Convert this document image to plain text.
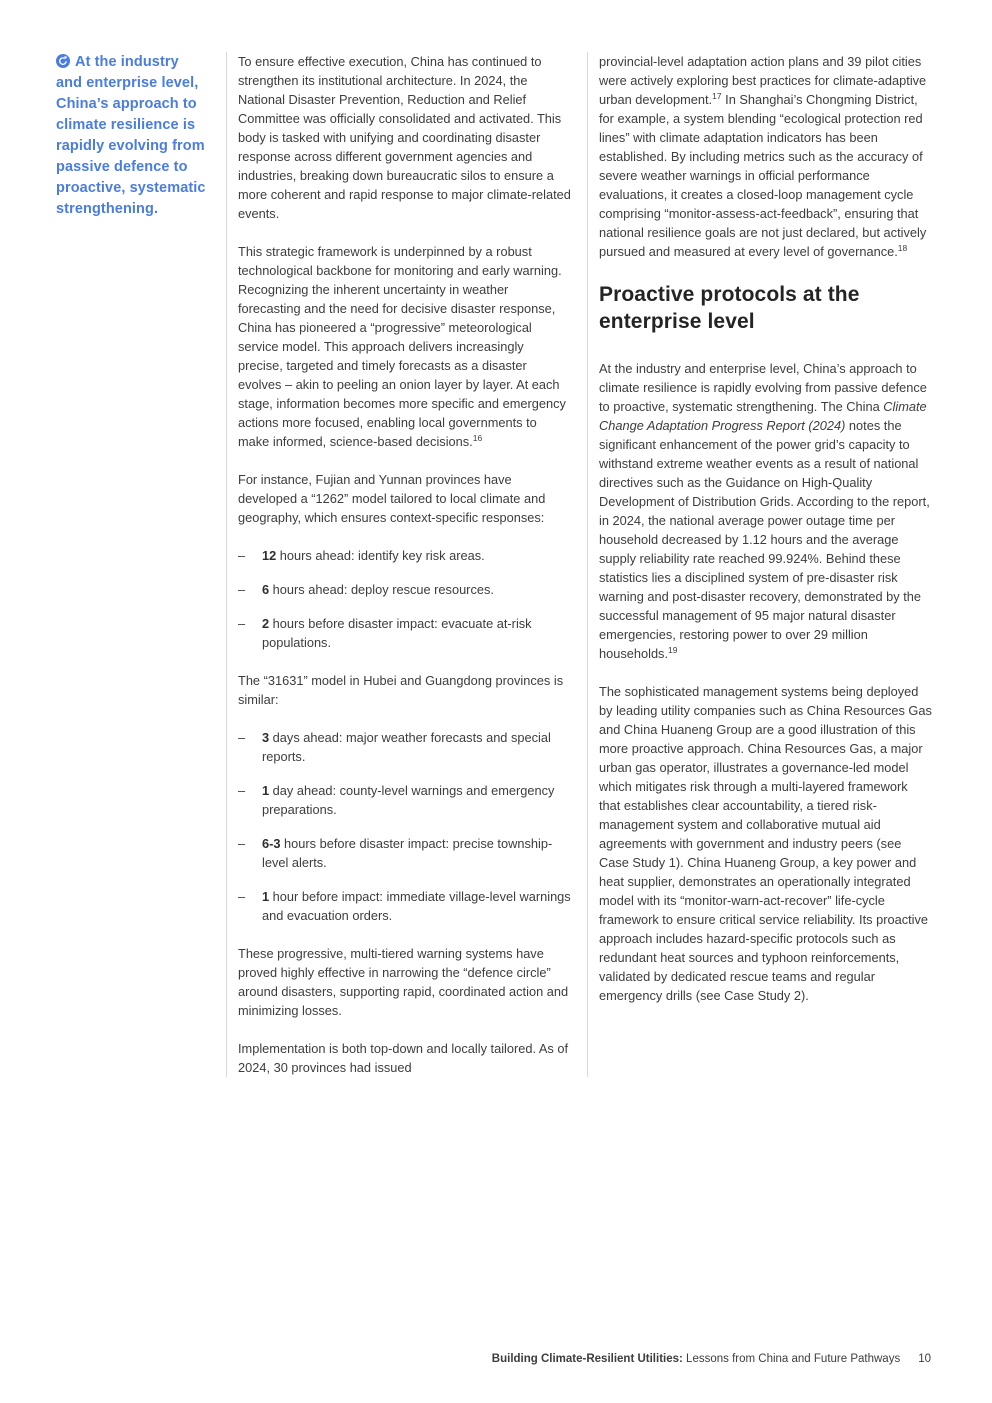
At the industry and enterprise level, China’s approach to climate resilience is rapidly evolving from passive defence to proactive, systematic strengthening.

To ensure effective execution, China has continued to strengthen its institutional architecture. In 2024, the National Disaster Prevention, Reduction and Relief Committee was officially consolidated and activated. This body is tasked with unifying and coordinating disaster response across different government agencies and industries, breaking down bureaucratic silos to ensure a more coherent and rapid response to major climate-related events.

This strategic framework is underpinned by a robust technological backbone for monitoring and early warning. Recognizing the inherent uncertainty in weather forecasting and the need for decisive disaster response, China has pioneered a “progressive” meteorological service model. This approach delivers increasingly precise, targeted and timely forecasts as a disaster evolves – akin to peeling an onion layer by layer. At each stage, information becomes more specific and emergency actions more focused, enabling local governments to make informed, science-based decisions.$^{16}$

For instance, Fujian and Yunnan provinces have developed a “1262” model tailored to local climate and geography, which ensures context-specific responses:

–	12 hours ahead: identify key risk areas.
–	6 hours ahead: deploy rescue resources.
–	2 hours before disaster impact: evacuate at-risk populations.

The “31631” model in Hubei and Guangdong provinces is similar:

–	3 days ahead: major weather forecasts and special reports.
–	1 day ahead: county-level warnings and emergency preparations.
–	6-3 hours before disaster impact: precise township-level alerts.
–	1 hour before impact: immediate village-level warnings and evacuation orders.

These progressive, multi-tiered warning systems have proved highly effective in narrowing the “defence circle” around disasters, supporting rapid, coordinated action and minimizing losses.

Implementation is both top-down and locally tailored. As of 2024, 30 provinces had issued

provincial-level adaptation action plans and 39 pilot cities were actively exploring best practices for climate-adaptive urban development.$^{17}$ In Shanghai’s Chongming District, for example, a system blending “ecological protection red lines” with climate adaptation indicators has been established. By including metrics such as the accuracy of severe weather warnings in official performance evaluations, it creates a closed-loop management cycle comprising “monitor-assess-act-feedback”, ensuring that national resilience goals are not just declared, but actively pursued and measured at every level of governance.$^{18}$

Proactive protocols at the enterprise level

At the industry and enterprise level, China’s approach to climate resilience is rapidly evolving from passive defence to proactive, systematic strengthening. The China Climate Change Adaptation Progress Report (2024) notes the significant enhancement of the power grid’s capacity to withstand extreme weather events as a result of national directives such as the Guidance on High-Quality Development of Distribution Grids. According to the report, in 2024, the national average power outage time per household decreased by 1.12 hours and the average supply reliability rate reached 99.924%. Behind these statistics lies a disciplined system of pre-disaster risk warning and post-disaster recovery, demonstrated by the successful management of 95 major natural disaster emergencies, restoring power to over 29 million households.$^{19}$

The sophisticated management systems being deployed by leading utility companies such as China Resources Gas and China Huaneng Group are a good illustration of this more proactive approach. China Resources Gas, a major urban gas operator, illustrates a governance-led model which mitigates risk through a multi-layered framework that establishes clear accountability, a tiered risk-management system and collaborative mutual aid agreements with government and industry peers (see Case Study 1). China Huaneng Group, a key power and heat supplier, demonstrates an operationally integrated model with its “monitor-warn-act-recover” life-cycle framework to ensure critical service reliability. Its proactive approach includes hazard-specific protocols such as redundant heat sources and typhoon reinforcements, validated by dedicated rescue teams and regular emergency drills (see Case Study 2).

Building Climate-Resilient Utilities: Lessons from China and Future Pathways 10
